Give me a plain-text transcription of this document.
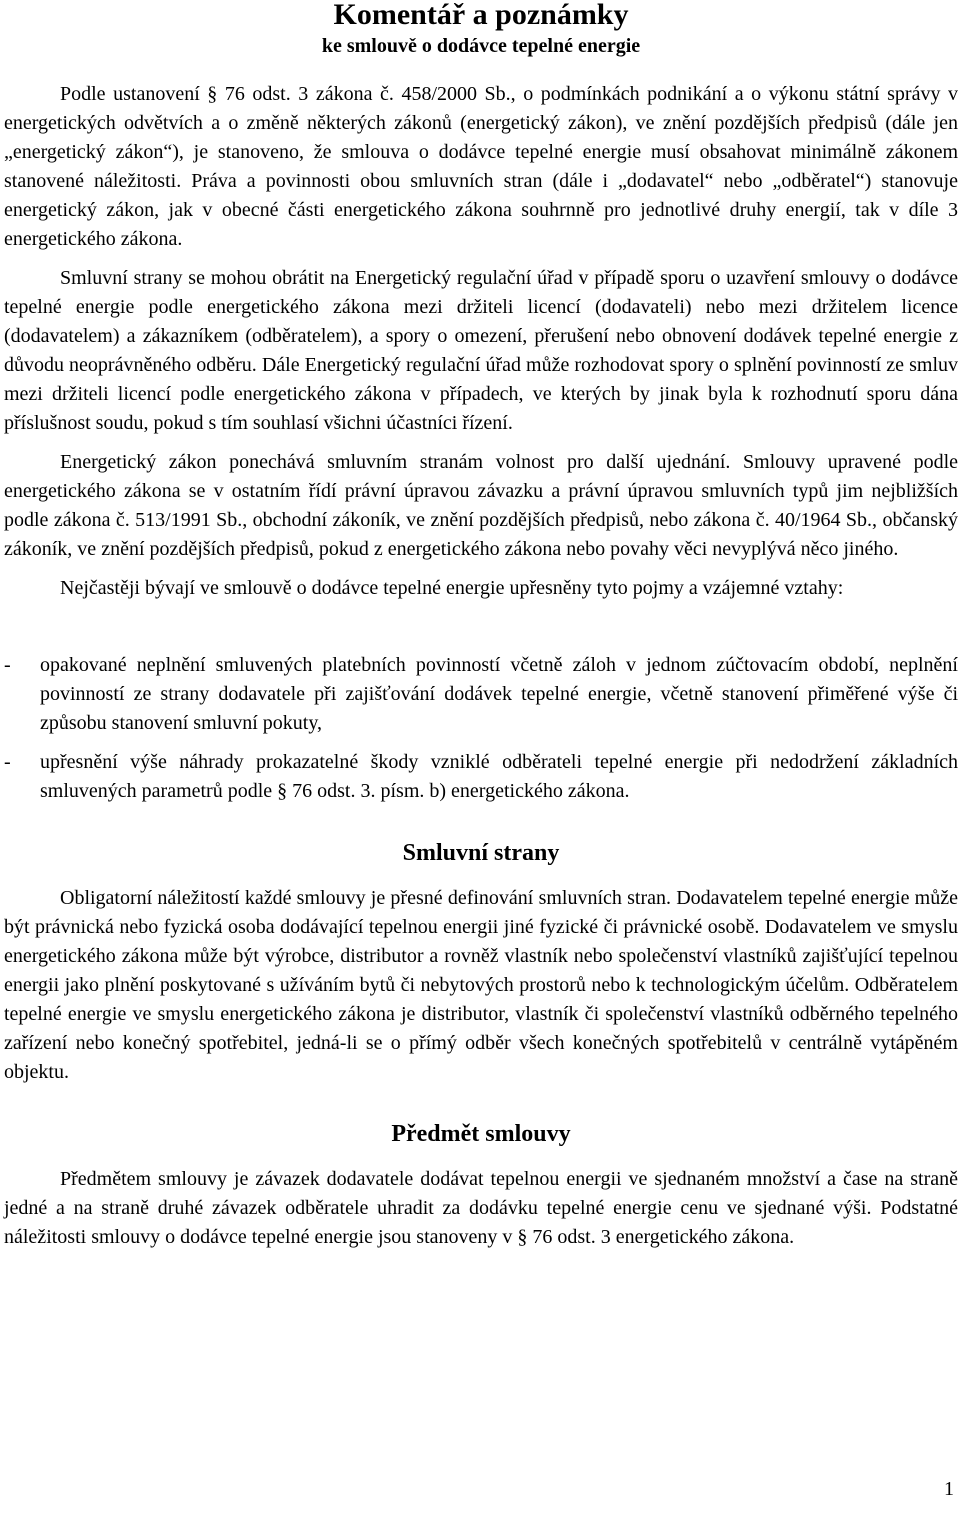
Komentář a poznámky
ke smlouvě o dodávce tepelné energie

Podle ustanovení § 76 odst. 3 zákona č. 458/2000 Sb., o podmínkách podnikání a o výkonu státní správy v energetických odvětvích a o změně některých zákonů (energetický zákon), ve znění pozdějších předpisů (dále jen „energetický zákon“), je stanoveno, že smlouva o dodávce tepelné energie musí obsahovat minimálně zákonem stanovené náležitosti. Práva a povinnosti obou smluvních stran (dále i „dodavatel“ nebo „odběratel“) stanovuje energetický zákon, jak v obecné části energetického zákona souhrnně pro jednotlivé druhy energií, tak v díle 3 energetického zákona.

Smluvní strany se mohou obrátit na Energetický regulační úřad v případě sporu o uzavření smlouvy o dodávce tepelné energie podle energetického zákona mezi držiteli licencí (dodavateli) nebo mezi držitelem licence (dodavatelem) a zákazníkem (odběratelem), a spory o omezení, přerušení nebo obnovení dodávek tepelné energie z důvodu neoprávněného odběru. Dále Energetický regulační úřad může rozhodovat spory o splnění povinností ze smluv mezi držiteli licencí podle energetického zákona v případech, ve kterých by jinak byla k rozhodnutí sporu dána příslušnost soudu, pokud s tím souhlasí všichni účastníci řízení.

Energetický zákon ponechává smluvním stranám volnost pro další ujednání. Smlouvy upravené podle energetického zákona se v ostatním řídí právní úpravou závazku a právní úpravou smluvních typů jim nejbližších podle zákona č. 513/1991 Sb., obchodní zákoník, ve znění pozdějších předpisů, nebo zákona č. 40/1964 Sb., občanský zákoník, ve znění pozdějších předpisů, pokud z energetického zákona nebo povahy věci nevyplývá něco jiného.

Nejčastěji bývají ve smlouvě o dodávce tepelné energie upřesněny tyto pojmy a vzájemné vztahy:

- opakované neplnění smluvených platebních povinností včetně záloh v jednom zúčtovacím období, neplnění povinností ze strany dodavatele při zajišťování dodávek tepelné energie, včetně stanovení přiměřené výše či způsobu stanovení smluvní pokuty,
- upřesnění výše náhrady prokazatelné škody vzniklé odběrateli tepelné energie při nedodržení základních smluvených parametrů podle § 76 odst. 3. písm. b) energetického zákona.
Smluvní strany

Obligatorní náležitostí každé smlouvy je přesné definování smluvních stran. Dodavatelem tepelné energie může být právnická nebo fyzická osoba dodávající tepelnou energii jiné fyzické či právnické osobě. Dodavatelem ve smyslu energetického zákona může být výrobce, distributor a rovněž vlastník nebo společenství vlastníků zajišťující tepelnou energii jako plnění poskytované s užíváním bytů či nebytových prostorů nebo k technologickým účelům. Odběratelem tepelné energie ve smyslu energetického zákona je distributor, vlastník či společenství vlastníků odběrného tepelného zařízení nebo konečný spotřebitel, jedná-li se o přímý odběr všech konečných spotřebitelů v centrálně vytápěném objektu.

Předmět smlouvy

Předmětem smlouvy je závazek dodavatele dodávat tepelnou energii ve sjednaném množství a čase na straně jedné a na straně druhé závazek odběratele uhradit za dodávku tepelné energie cenu ve sjednané výši. Podstatné náležitosti smlouvy o dodávce tepelné energie jsou stanoveny v § 76 odst. 3 energetického zákona.

1
